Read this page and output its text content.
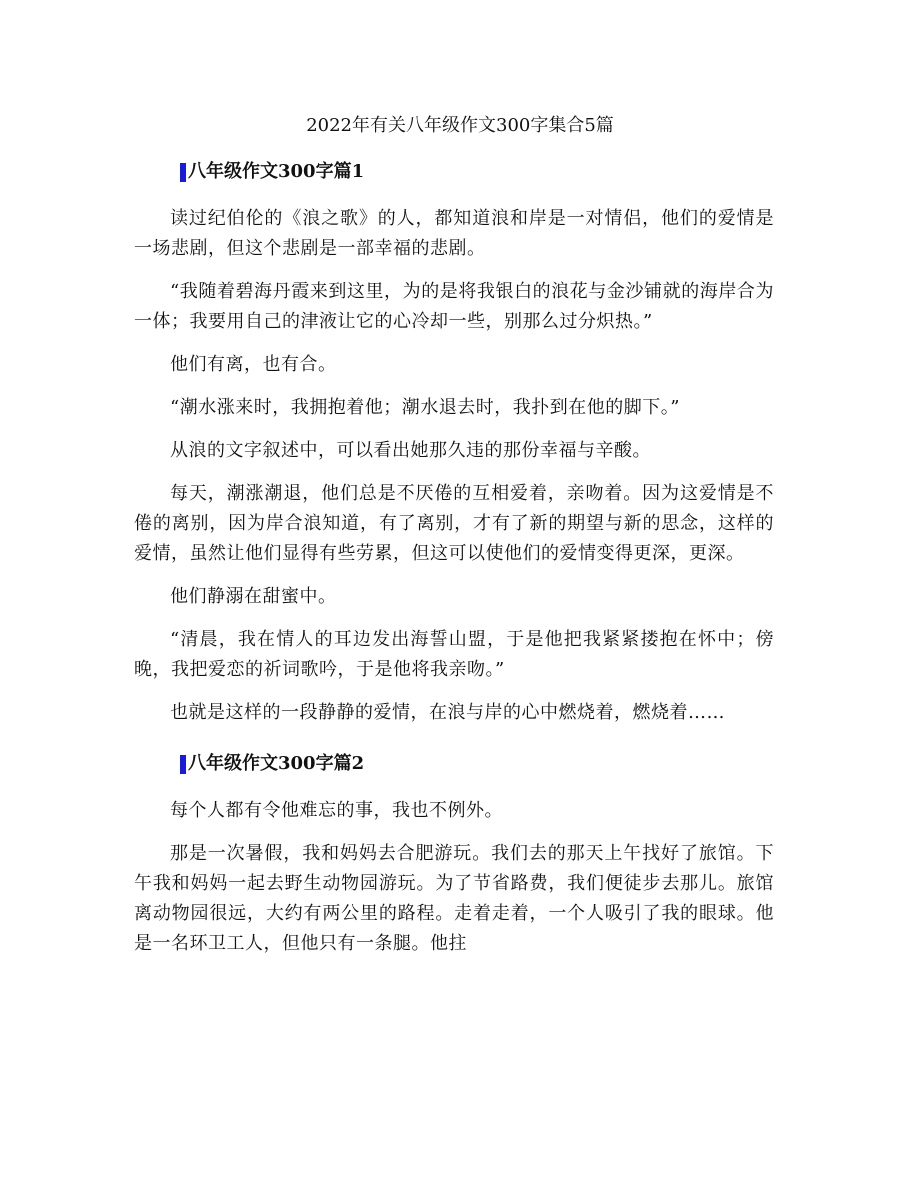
2022年有关八年级作文300字集合5篇
八年级作文300字篇1

读过纪伯伦的《浪之歌》的人，都知道浪和岸是一对情侣，他们的爱情是一场悲剧，但这个悲剧是一部幸福的悲剧。

“我随着碧海丹霞来到这里，为的是将我银白的浪花与金沙铺就的海岸合为一体；我要用自己的津液让它的心冷却一些，别那么过分炽热。”

他们有离，也有合。

“潮水涨来时，我拥抱着他；潮水退去时，我扑到在他的脚下。”

从浪的文字叙述中，可以看出她那久违的那份幸福与辛酸。

每天，潮涨潮退，他们总是不厌倦的互相爱着，亲吻着。因为这爱情是不倦的离别，因为岸合浪知道，有了离别，才有了新的期望与新的思念，这样的爱情，虽然让他们显得有些劳累，但这可以使他们的爱情变得更深，更深。

他们静溺在甜蜜中。

“清晨，我在情人的耳边发出海誓山盟，于是他把我紧紧搂抱在怀中；傍晚，我把爱恋的祈词歌吟，于是他将我亲吻。”

也就是这样的一段静静的爱情，在浪与岸的心中燃烧着，燃烧着……

八年级作文300字篇2

每个人都有令他难忘的事，我也不例外。

那是一次暑假，我和妈妈去合肥游玩。我们去的那天上午找好了旅馆。下午我和妈妈一起去野生动物园游玩。为了节省路费，我们便徒步去那儿。旅馆离动物园很远，大约有两公里的路程。走着走着，一个人吸引了我的眼球。他是一名环卫工人，但他只有一条腿。他拄
